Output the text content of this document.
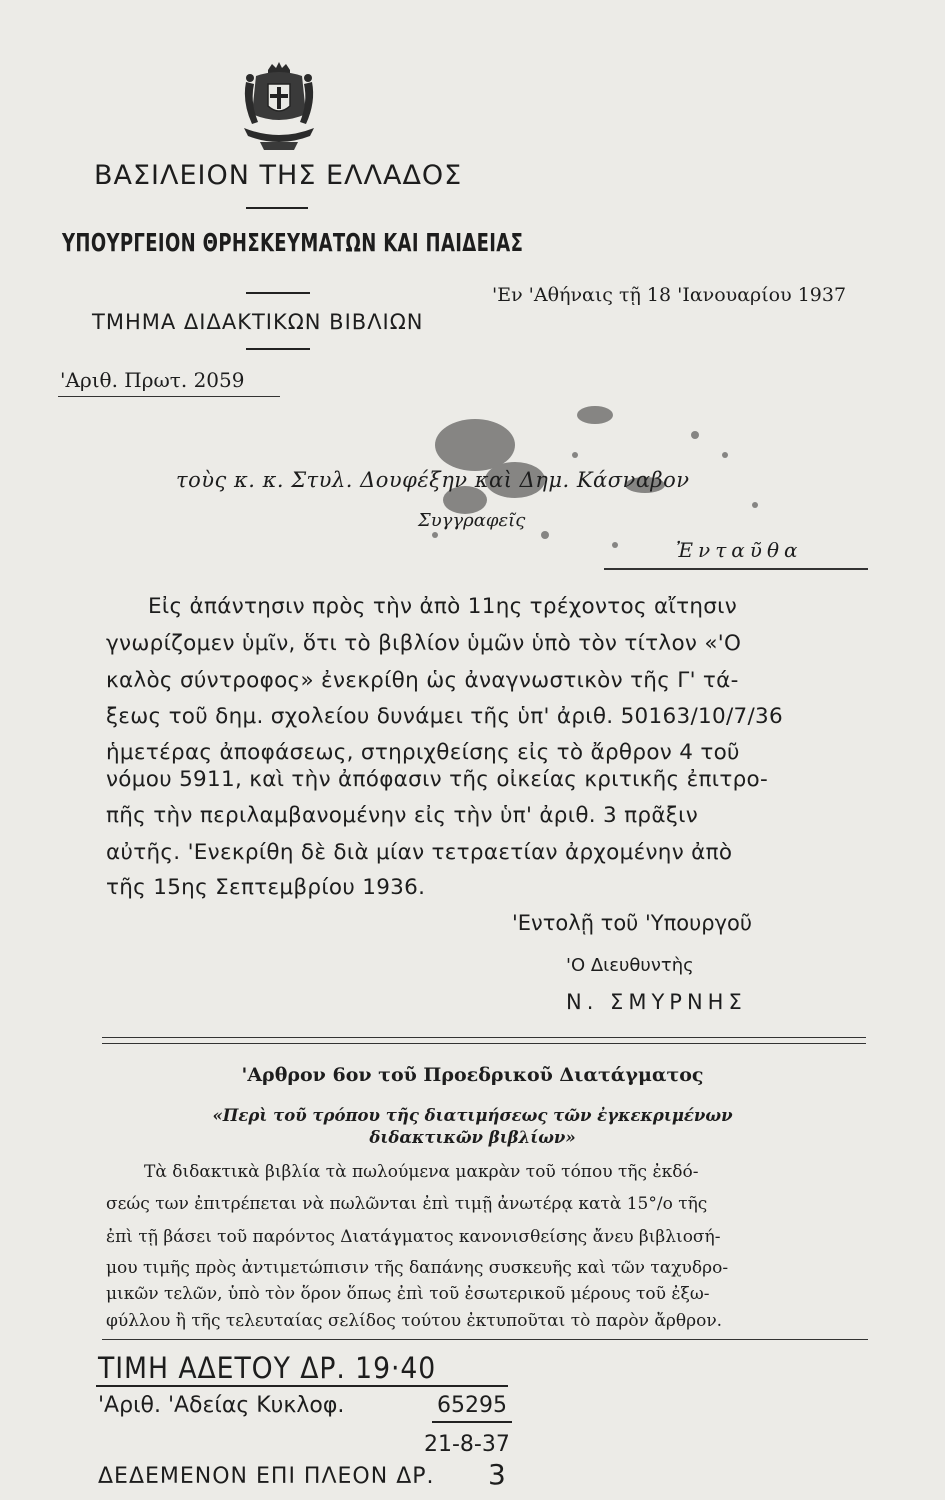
ΒΑΣΙΛΕΙΟΝ ΤΗΣ ΕΛΛΑΔΟΣ
ΥΠΟΥΡΓΕΙΟΝ ΘΡΗΣΚΕΥΜΑΤΩΝ ΚΑΙ ΠΑΙΔΕΙΑΣ
ΤΜΗΜΑ ΔΙΔΑΚΤΙΚΩΝ ΒΙΒΛΙΩΝ
'Αριθ. Πρωτ. 2059
'Εν 'Αθήναις τῇ 18 'Ιανουαρίου 1937
τοὺς κ. κ. Στυλ. Δουφέξην καὶ Δημ. Κάσναβον
Συγγραφεῖς
Ἐνταῦθα
Εἰς ἀπάντησιν πρὸς τὴν ἀπὸ 11ης τρέχοντος αἴτησιν
γνωρίζομεν ὑμῖν, ὅτι τὸ βιβλίον ὑμῶν ὑπὸ τὸν τίτλον «'Ο
καλὸς σύντροφος» ἐνεκρίθη ὡς ἀναγνωστικὸν τῆς Γ' τά-
ξεως τοῦ δημ. σχολείου δυνάμει τῆς ὑπ' ἀριθ. 50163/10/7/36
ἡμετέρας ἀποφάσεως, στηριχθείσης εἰς τὸ ἄρθρον 4 τοῦ
νόμου 5911, καὶ τὴν ἀπόφασιν τῆς οἰκείας κριτικῆς ἐπιτρο-
πῆς τὴν περιλαμβανομένην εἰς τὴν ὑπ' ἀριθ. 3 πρᾶξιν
αὐτῆς. 'Ενεκρίθη δὲ διὰ μίαν τετραετίαν ἀρχομένην ἀπὸ
τῆς 15ης Σεπτεμβρίου 1936.
'Εντολῇ τοῦ 'Υπουργοῦ
'Ο Διευθυντὴς
Ν. ΣΜΥΡΝΗΣ
'Αρθρον 6ον τοῦ Προεδρικοῦ Διατάγματος
«Περὶ τοῦ τρόπου τῆς διατιμήσεως τῶν ἐγκεκριμένων
διδακτικῶν βιβλίων»
Τὰ διδακτικὰ βιβλία τὰ πωλούμενα μακρὰν τοῦ τόπου τῆς ἐκδό-
σεώς των ἐπιτρέπεται νὰ πωλῶνται ἐπὶ τιμῇ ἀνωτέρᾳ κατὰ 15°/ο τῆς
ἐπὶ τῇ βάσει τοῦ παρόντος Διατάγματος κανονισθείσης ἄνευ βιβλιοσή-
μου τιμῆς πρὸς ἀντιμετώπισιν τῆς δαπάνης συσκευῆς καὶ τῶν ταχυδρο-
μικῶν τελῶν, ὑπὸ τὸν ὅρον ὅπως ἐπὶ τοῦ ἐσωτερικοῦ μέρους τοῦ ἐξω-
φύλλου ἢ τῆς τελευταίας σελίδος τούτου ἐκτυποῦται τὸ παρὸν ἄρθρον.
ΤΙΜΗ ΑΔΕΤΟΥ ΔΡ. 19·40
'Αριθ. 'Αδείας Κυκλοφ.	65295
21-8-37
ΔΕΔΕΜΕΝΟΝ ΕΠΙ ΠΛΕΟΝ ΔΡ. 3
